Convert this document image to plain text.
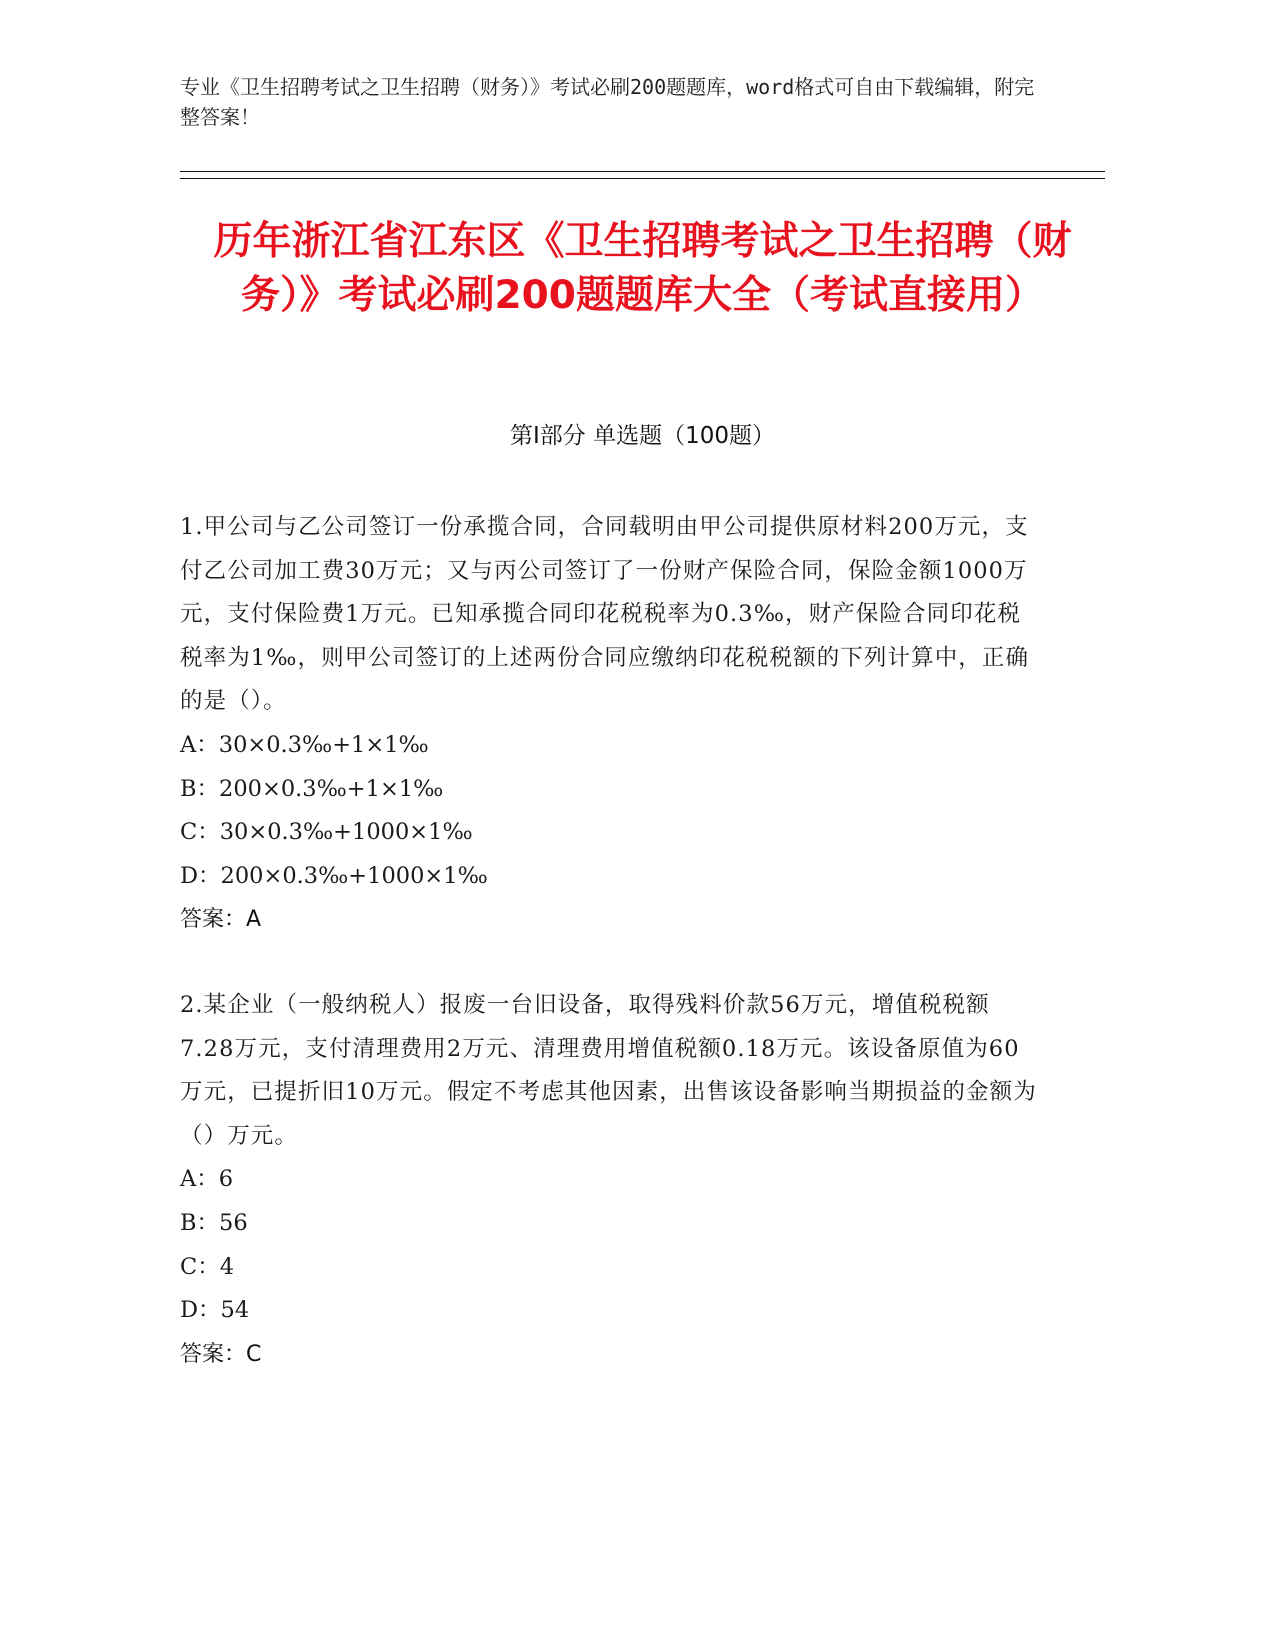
专业《卫生招聘考试之卫生招聘（财务）》考试必刷200题题库，word格式可自由下载编辑，附完整答案！
历年浙江省江东区《卫生招聘考试之卫生招聘（财务）》考试必刷200题题库大全（考试直接用）
第I部分 单选题（100题）

1.甲公司与乙公司签订一份承揽合同，合同载明由甲公司提供原材料200万元，支付乙公司加工费30万元；又与丙公司签订了一份财产保险合同，保险金额1000万元，支付保险费1万元。已知承揽合同印花税税率为0.3‰，财产保险合同印花税税率为1‰，则甲公司签订的上述两份合同应缴纳印花税税额的下列计算中，正确的是（）。

A：30×0.3‰+1×1‰
B：200×0.3‰+1×1‰
C：30×0.3‰+1000×1‰
D：200×0.3‰+1000×1‰
答案：A

2.某企业（一般纳税人）报废一台旧设备，取得残料价款56万元，增值税税额7.28万元，支付清理费用2万元、清理费用增值税额0.18万元。该设备原值为60万元，已提折旧10万元。假定不考虑其他因素，出售该设备影响当期损益的金额为（）万元。

A：6
B：56
C：4
D：54
答案：C
